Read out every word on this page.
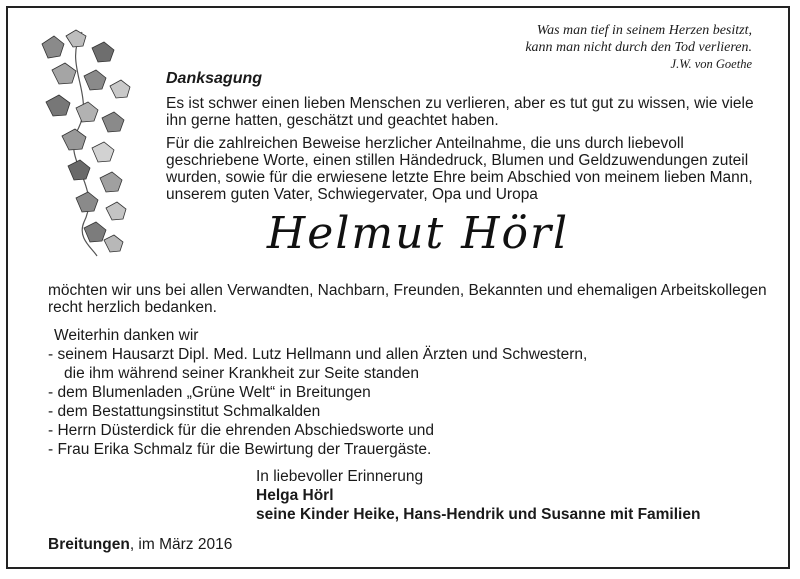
Was man tief in seinem Herzen besitzt,
kann man nicht durch den Tod verlieren.
J.W. von Goethe
Danksagung
Es ist schwer einen lieben Menschen zu verlieren, aber es tut gut zu wissen, wie viele ihn gerne hatten, geschätzt und geachtet haben.
Für die zahlreichen Beweise herzlicher Anteilnahme, die uns durch liebevoll geschriebene Worte, einen stillen Händedruck, Blumen und Geldzuwendungen zuteil wurden, sowie für die erwiesene letzte Ehre beim Abschied von meinem lieben Mann, unserem guten Vater, Schwiegervater, Opa und Uropa
Helmut Hörl
möchten wir uns bei allen Verwandten, Nachbarn, Freunden, Bekannten und ehemaligen Arbeitskollegen recht herzlich bedanken.
Weiterhin danken wir
- seinem Hausarzt Dipl. Med. Lutz Hellmann und allen Ärzten und Schwestern,
die ihm während seiner Krankheit zur Seite standen
- dem Blumenladen „Grüne Welt“ in Breitungen
- dem Bestattungsinstitut Schmalkalden
- Herrn Düsterdick für die ehrenden Abschiedsworte und
- Frau Erika Schmalz für die Bewirtung der Trauergäste.
In liebevoller Erinnerung
Helga Hörl
seine Kinder Heike, Hans-Hendrik und Susanne mit Familien
Breitungen, im März 2016
